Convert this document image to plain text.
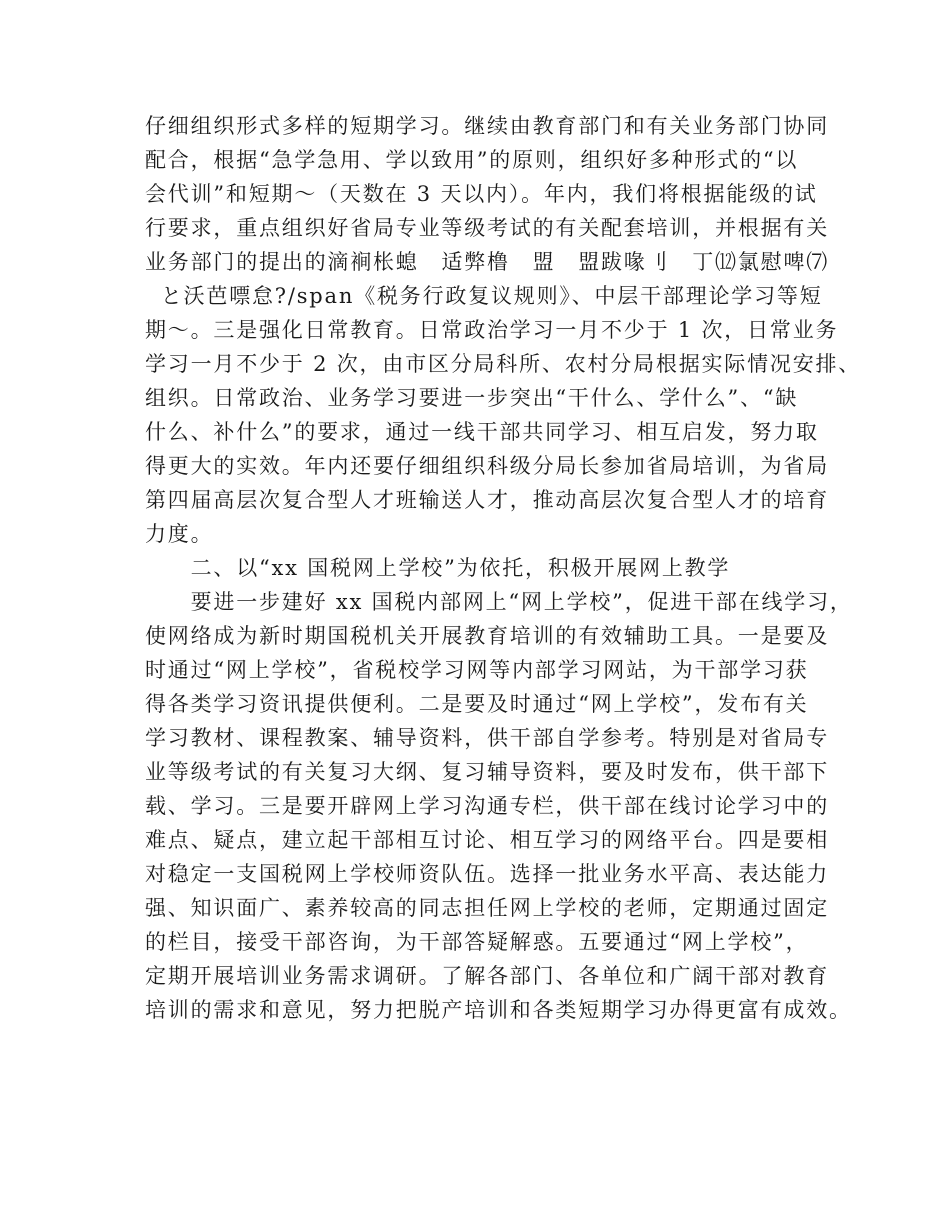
仔细组织形式多样的短期学习。继续由教育部门和有关业务部门协同
配合，根据“急学急用、学以致用”的原则，组织好多种形式的“以
会代训”和短期～（天数在 3 天以内）。年内，我们将根据能级的试
行要求，重点组织好省局专业等级考试的有关配套培训，并根据有关
业务部门的提出的滴裥枨螅　适弊橹　盟　盟跋喙刂　丁⑿氯慰啤⑺
　と沃芭嘌怠?/span《税务行政复议规则》、中层干部理论学习等短
期～。三是强化日常教育。日常政治学习一月不少于 1 次，日常业务
学习一月不少于 2 次，由市区分局科所、农村分局根据实际情况安排、
组织。日常政治、业务学习要进一步突出“干什么、学什么”、“缺
什么、补什么”的要求，通过一线干部共同学习、相互启发，努力取
得更大的实效。年内还要仔细组织科级分局长参加省局培训，为省局
第四届高层次复合型人才班输送人才，推动高层次复合型人才的培育
力度。
　　二、以“xx 国税网上学校”为依托，积极开展网上教学
　　要进一步建好 xx 国税内部网上“网上学校”，促进干部在线学习，
使网络成为新时期国税机关开展教育培训的有效辅助工具。一是要及
时通过“网上学校”，省税校学习网等内部学习网站，为干部学习获
得各类学习资讯提供便利。二是要及时通过“网上学校”，发布有关
学习教材、课程教案、辅导资料，供干部自学参考。特别是对省局专
业等级考试的有关复习大纲、复习辅导资料，要及时发布，供干部下
载、学习。三是要开辟网上学习沟通专栏，供干部在线讨论学习中的
难点、疑点，建立起干部相互讨论、相互学习的网络平台。四是要相
对稳定一支国税网上学校师资队伍。选择一批业务水平高、表达能力
强、知识面广、素养较高的同志担任网上学校的老师，定期通过固定
的栏目，接受干部咨询，为干部答疑解惑。五要通过“网上学校”，
定期开展培训业务需求调研。了解各部门、各单位和广阔干部对教育
培训的需求和意见，努力把脱产培训和各类短期学习办得更富有成效。
